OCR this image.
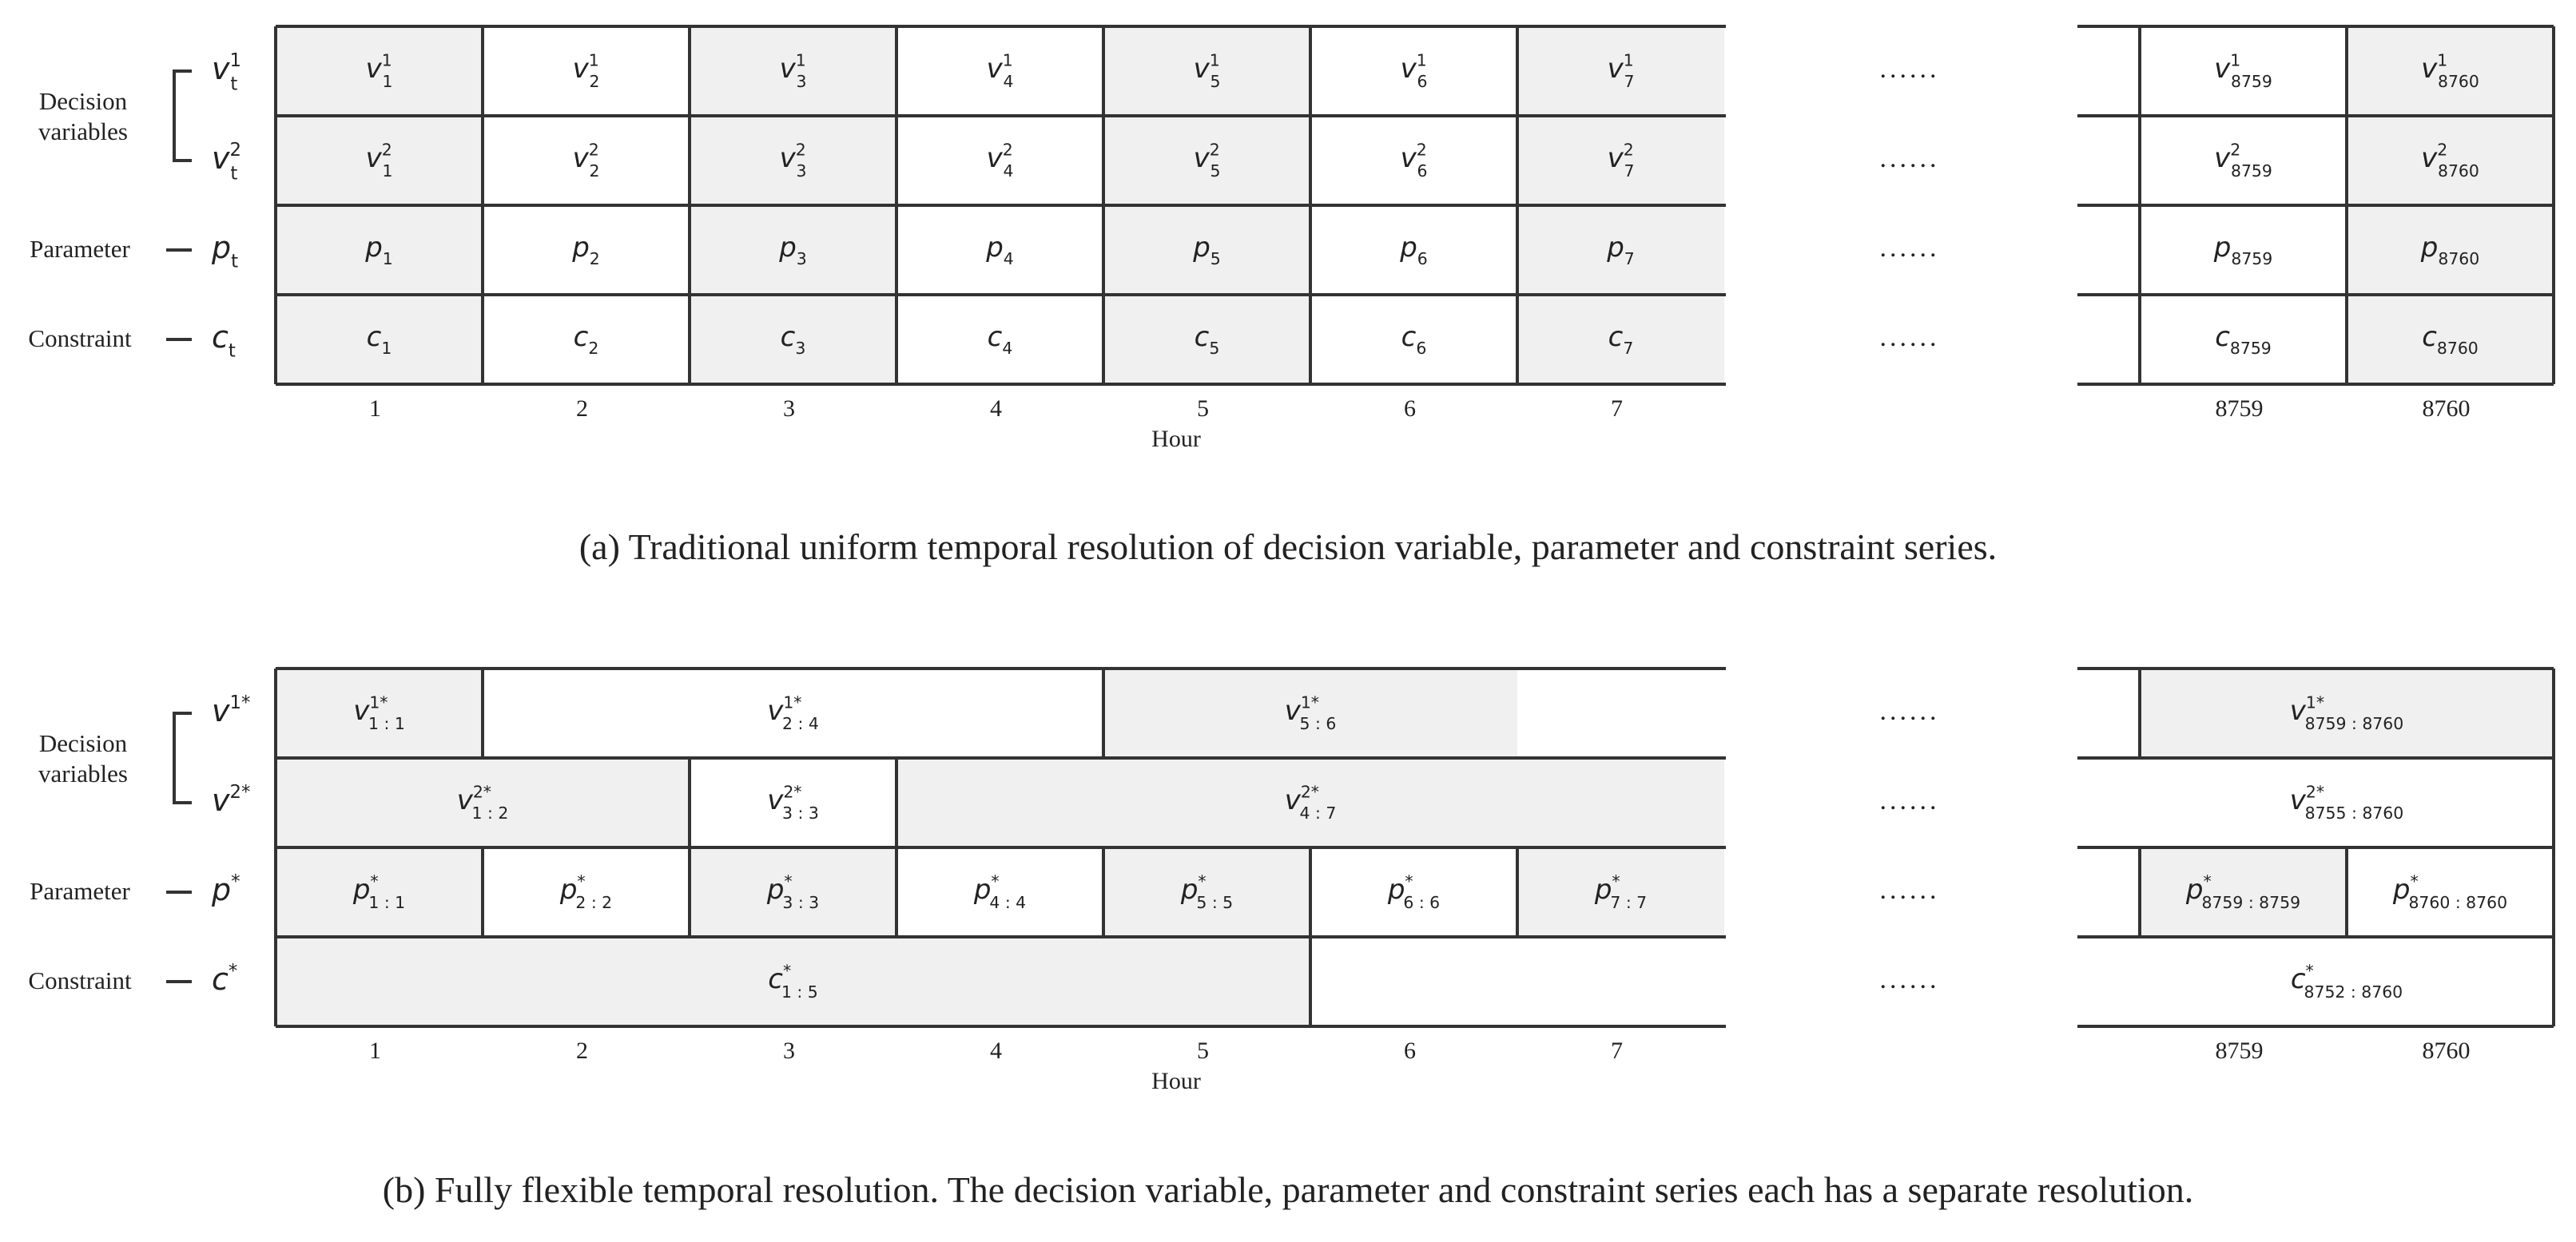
......
......
......
Parameter
......
Constraint
Decision variables
1	2	3	4	5	6	7	8759	8760
Hour
(a) Traditional uniform temporal resolution of decision variable, parameter and constraint series.
$v^1$ 1	$v^1$ 2	$v^1$ 3	$v^1$ 4	$v^1$ 5	$v^1$ 6	$v^1$ 7	$v^1$ 8759	$v^1$ 8760
$v^1$ t
$v^2$ 1	$v^2$ 2	$v^2$ 3	$v^2$ 4	$v^2$ 5	$v^2$ 6	$v^2$ 7	$v^2$ 8759	$v^2$ 8760
$v^2$ t
$p_1$	$p_2$	$p_3$	$p_4$	$p_5$	$p_6$	$p_7$	$p_{8759}$	$p_{8760}$
$p_t$
$c_1$	$c_2$	$c_3$	$c_4$	$c_5$	$c_6$	$c_7$	$c_{8759}$	$c_{8760}$
$c_t$
......
......
......
Parameter
......
Constraint
Decision variables
1	2	3	4	5	6	7	8759	8760
Hour
(b) Fully flexible temporal resolution. The decision variable, parameter and constraint series each has a separate resolution.
$v^{1*}$ 1 : 1	$v^{1*}$ 2 : 4	$v^{1*}$ 5 : 6	$v^{1*}$ 8759 : 8760
$v^{1*}$
$v^{2*}$ 1 : 2	$v^{2*}$ 3 : 3	$v^{2*}$ 4 : 7	$v^{2*}$ 8755 : 8760
$v^{2*}$
p* 1 : 1	p* 2 : 2	p* 3 : 3	p* 4 : 4	p* 5 : 5	p* 6 : 6	p* 7 : 7	p* 8759 : 8759	p* 8760 : 8760
p*
c* 1 : 5	c* 8752 : 8760
c*
